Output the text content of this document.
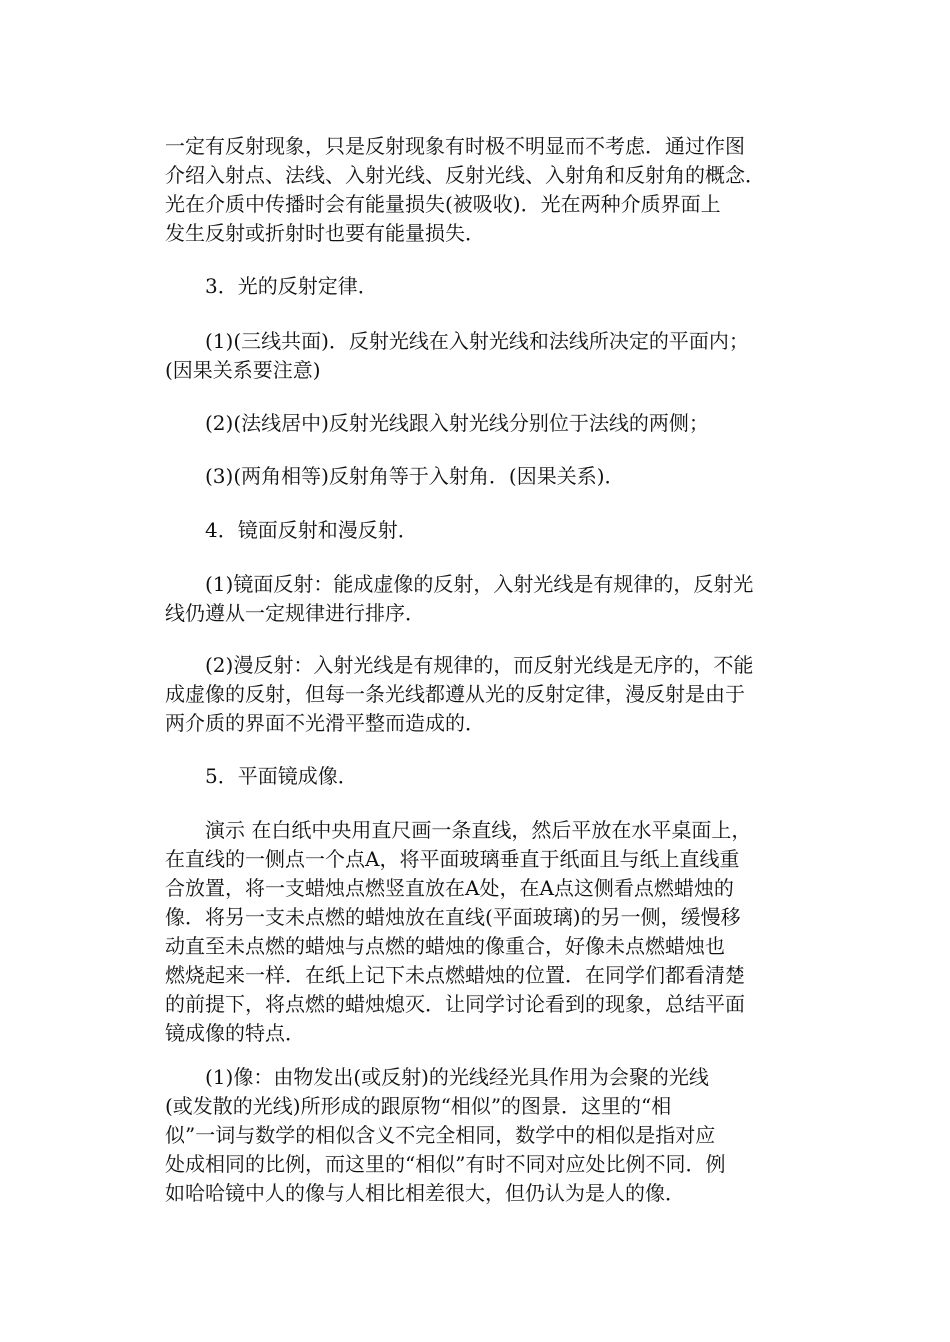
一定有反射现象，只是反射现象有时极不明显而不考虑．通过作图
介绍入射点、法线、入射光线、反射光线、入射角和反射角的概念．
光在介质中传播时会有能量损失(被吸收)．光在两种介质界面上
发生反射或折射时也要有能量损失．
3．光的反射定律．
(1)(三线共面)．反射光线在入射光线和法线所决定的平面内；
(因果关系要注意)
(2)(法线居中)反射光线跟入射光线分别位于法线的两侧；
(3)(两角相等)反射角等于入射角．(因果关系)．
4．镜面反射和漫反射．
(1)镜面反射：能成虚像的反射，入射光线是有规律的，反射光
线仍遵从一定规律进行排序．
(2)漫反射：入射光线是有规律的，而反射光线是无序的，不能
成虚像的反射，但每一条光线都遵从光的反射定律，漫反射是由于
两介质的界面不光滑平整而造成的．
5．平面镜成像．
演示 在白纸中央用直尺画一条直线，然后平放在水平桌面上，
在直线的一侧点一个点A，将平面玻璃垂直于纸面且与纸上直线重
合放置，将一支蜡烛点燃竖直放在A处，在A点这侧看点燃蜡烛的
像．将另一支未点燃的蜡烛放在直线(平面玻璃)的另一侧，缓慢移
动直至未点燃的蜡烛与点燃的蜡烛的像重合，好像未点燃蜡烛也
燃烧起来一样．在纸上记下未点燃蜡烛的位置．在同学们都看清楚
的前提下，将点燃的蜡烛熄灭．让同学讨论看到的现象，总结平面
镜成像的特点．
(1)像：由物发出(或反射)的光线经光具作用为会聚的光线
(或发散的光线)所形成的跟原物“相似”的图景．这里的“相
似”一词与数学的相似含义不完全相同，数学中的相似是指对应
处成相同的比例，而这里的“相似”有时不同对应处比例不同．例
如哈哈镜中人的像与人相比相差很大，但仍认为是人的像．
